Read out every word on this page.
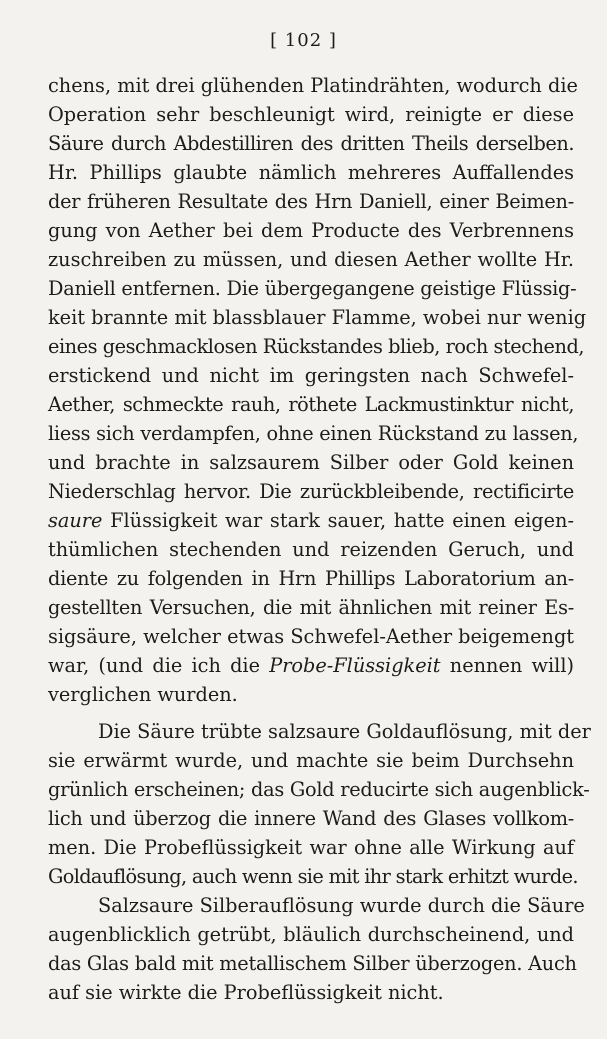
[ 102 ]
chens, mit drei glühenden Platindrähten, wodurch die
Operation sehr beschleunigt wird, reinigte er diese
Säure durch Abdestilliren des dritten Theils derselben.
Hr. Phillips glaubte nämlich mehreres Auffallendes
der früheren Resultate des Hrn Daniell, einer Beimen-
gung von Aether bei dem Producte des Verbrennens
zuschreiben zu müssen, und diesen Aether wollte Hr.
Daniell entfernen. Die übergegangene geistige Flüssig-
keit brannte mit blassblauer Flamme, wobei nur wenig
eines geschmacklosen Rückstandes blieb, roch stechend,
erstickend und nicht im geringsten nach Schwefel-
Aether, schmeckte rauh, röthete Lackmustinktur nicht,
liess sich verdampfen, ohne einen Rückstand zu lassen,
und brachte in salzsaurem Silber oder Gold keinen
Niederschlag hervor. Die zurückbleibende, rectificirte
saure Flüssigkeit war stark sauer, hatte einen eigen-
thümlichen stechenden und reizenden Geruch, und
diente zu folgenden in Hrn Phillips Laboratorium an-
gestellten Versuchen, die mit ähnlichen mit reiner Es-
sigsäure, welcher etwas Schwefel-Aether beigemengt
war, (und die ich die Probe-Flüssigkeit nennen will)
verglichen wurden.
Die Säure trübte salzsaure Goldauflösung, mit der
sie erwärmt wurde, und machte sie beim Durchsehn
grünlich erscheinen; das Gold reducirte sich augenblick-
lich und überzog die innere Wand des Glases vollkom-
men. Die Probeflüssigkeit war ohne alle Wirkung auf
Goldauflösung, auch wenn sie mit ihr stark erhitzt wurde.
Salzsaure Silberauflösung wurde durch die Säure
augenblicklich getrübt, bläulich durchscheinend, und
das Glas bald mit metallischem Silber überzogen. Auch
auf sie wirkte die Probeflüssigkeit nicht.
